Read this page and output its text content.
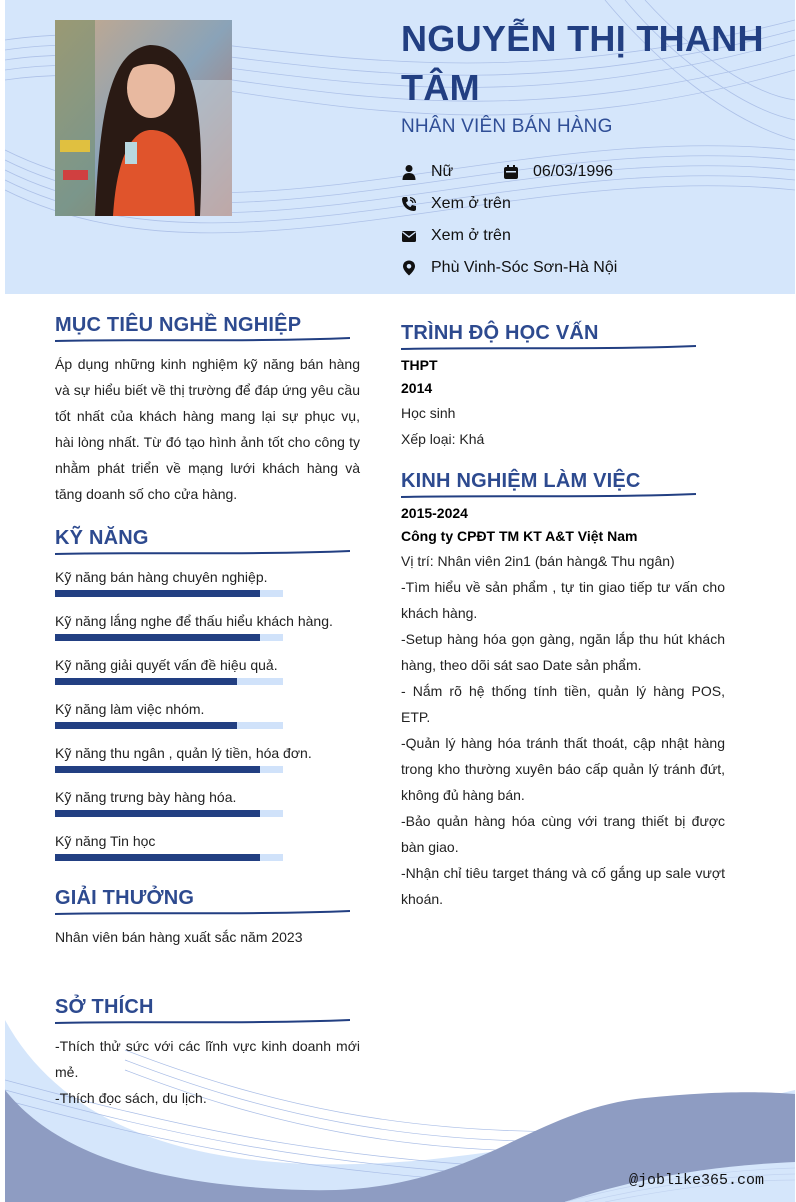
NGUYỄN THỊ THANH TÂM
NHÂN VIÊN BÁN HÀNG
Nữ	06/03/1996
Xem ở trên
Xem ở trên
Phù Vinh-Sóc Sơn-Hà Nội
MỤC TIÊU NGHỀ NGHIỆP

Áp dụng những kinh nghiệm kỹ năng bán hàng và sự hiểu biết về thị trường để đáp ứng yêu cầu tốt nhất của khách hàng mang lại sự phục vụ, hài lòng nhất. Từ đó tạo hình ảnh tốt cho công ty nhằm phát triển về mạng lưới khách hàng và tăng doanh số cho cửa hàng.

KỸ NĂNG
Kỹ năng bán hàng chuyên nghiệp.
Kỹ năng lắng nghe để thấu hiểu khách hàng.
Kỹ năng giải quyết vấn đề hiệu quả.
Kỹ năng làm việc nhóm.
Kỹ năng thu ngân , quản lý tiền, hóa đơn.
Kỹ năng trưng bày hàng hóa.
Kỹ năng Tin học
GIẢI THƯỞNG
Nhân viên bán hàng xuất sắc năm 2023
SỞ THÍCH

-Thích thử sức với các lĩnh vực kinh doanh mới mẻ.

-Thích đọc sách, du lịch.

TRÌNH ĐỘ HỌC VẤN
THPT
2014
Học sinh
Xếp loại: Khá
KINH NGHIỆM LÀM VIỆC
2015-2024
Công ty CPĐT TM KT A&T Việt Nam

Vị trí: Nhân viên 2in1 (bán hàng& Thu ngân)

-Tìm hiểu về sản phẩm , tự tin giao tiếp tư vấn cho khách hàng.

-Setup hàng hóa gọn gàng, ngăn lắp thu hút khách hàng, theo dõi sát sao Date sản phẩm.

- Nắm rõ hệ thống tính tiền, quản lý hàng POS, ETP.

-Quản lý hàng hóa tránh thất thoát, cập nhật hàng trong kho thường xuyên báo cấp quản lý tránh đứt, không đủ hàng bán.

-Bảo quản hàng hóa cùng với trang thiết bị được bàn giao.

-Nhận chỉ tiêu target tháng và cố gắng up sale vượt khoán.

@joblike365.com
